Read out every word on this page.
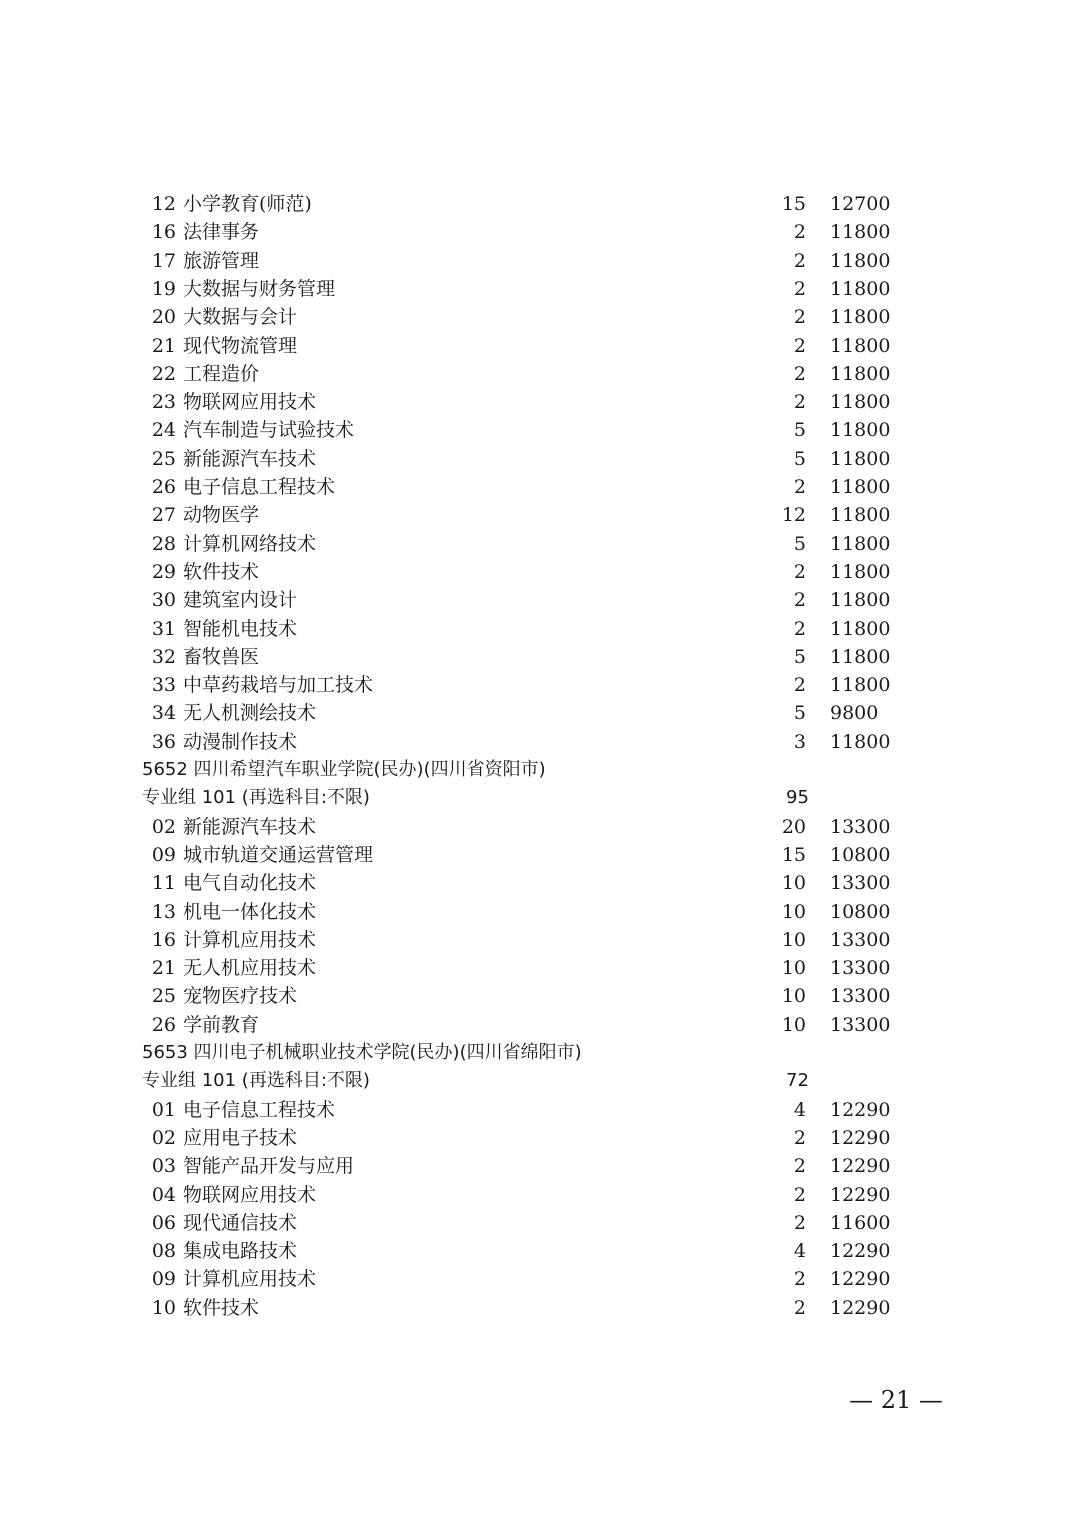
12 小学教育(师范)	15 12700
16 法律事务	2 11800
17 旅游管理	2 11800
19 大数据与财务管理	2 11800
20 大数据与会计	2 11800
21 现代物流管理	2 11800
22 工程造价	2 11800
23 物联网应用技术	2 11800
24 汽车制造与试验技术	5 11800
25 新能源汽车技术	5 11800
26 电子信息工程技术	2 11800
27 动物医学	12 11800
28 计算机网络技术	5 11800
29 软件技术	2 11800
30 建筑室内设计	2 11800
31 智能机电技术	2 11800
32 畜牧兽医	5 11800
33 中草药栽培与加工技术	2 11800
34 无人机测绘技术	5 9800
36 动漫制作技术	3 11800
5652 四川希望汽车职业学院(民办)(四川省资阳市)
专业组 101 (再选科目:不限)	95
02 新能源汽车技术	20 13300
09 城市轨道交通运营管理	15 10800
11 电气自动化技术	10 13300
13 机电一体化技术	10 10800
16 计算机应用技术	10 13300
21 无人机应用技术	10 13300
25 宠物医疗技术	10 13300
26 学前教育	10 13300
5653 四川电子机械职业技术学院(民办)(四川省绵阳市)
专业组 101 (再选科目:不限)	72
01 电子信息工程技术	4 12290
02 应用电子技术	2 12290
03 智能产品开发与应用	2 12290
04 物联网应用技术	2 12290
06 现代通信技术	2 11600
08 集成电路技术	4 12290
09 计算机应用技术	2 12290
10 软件技术	2 12290
— 21 —
